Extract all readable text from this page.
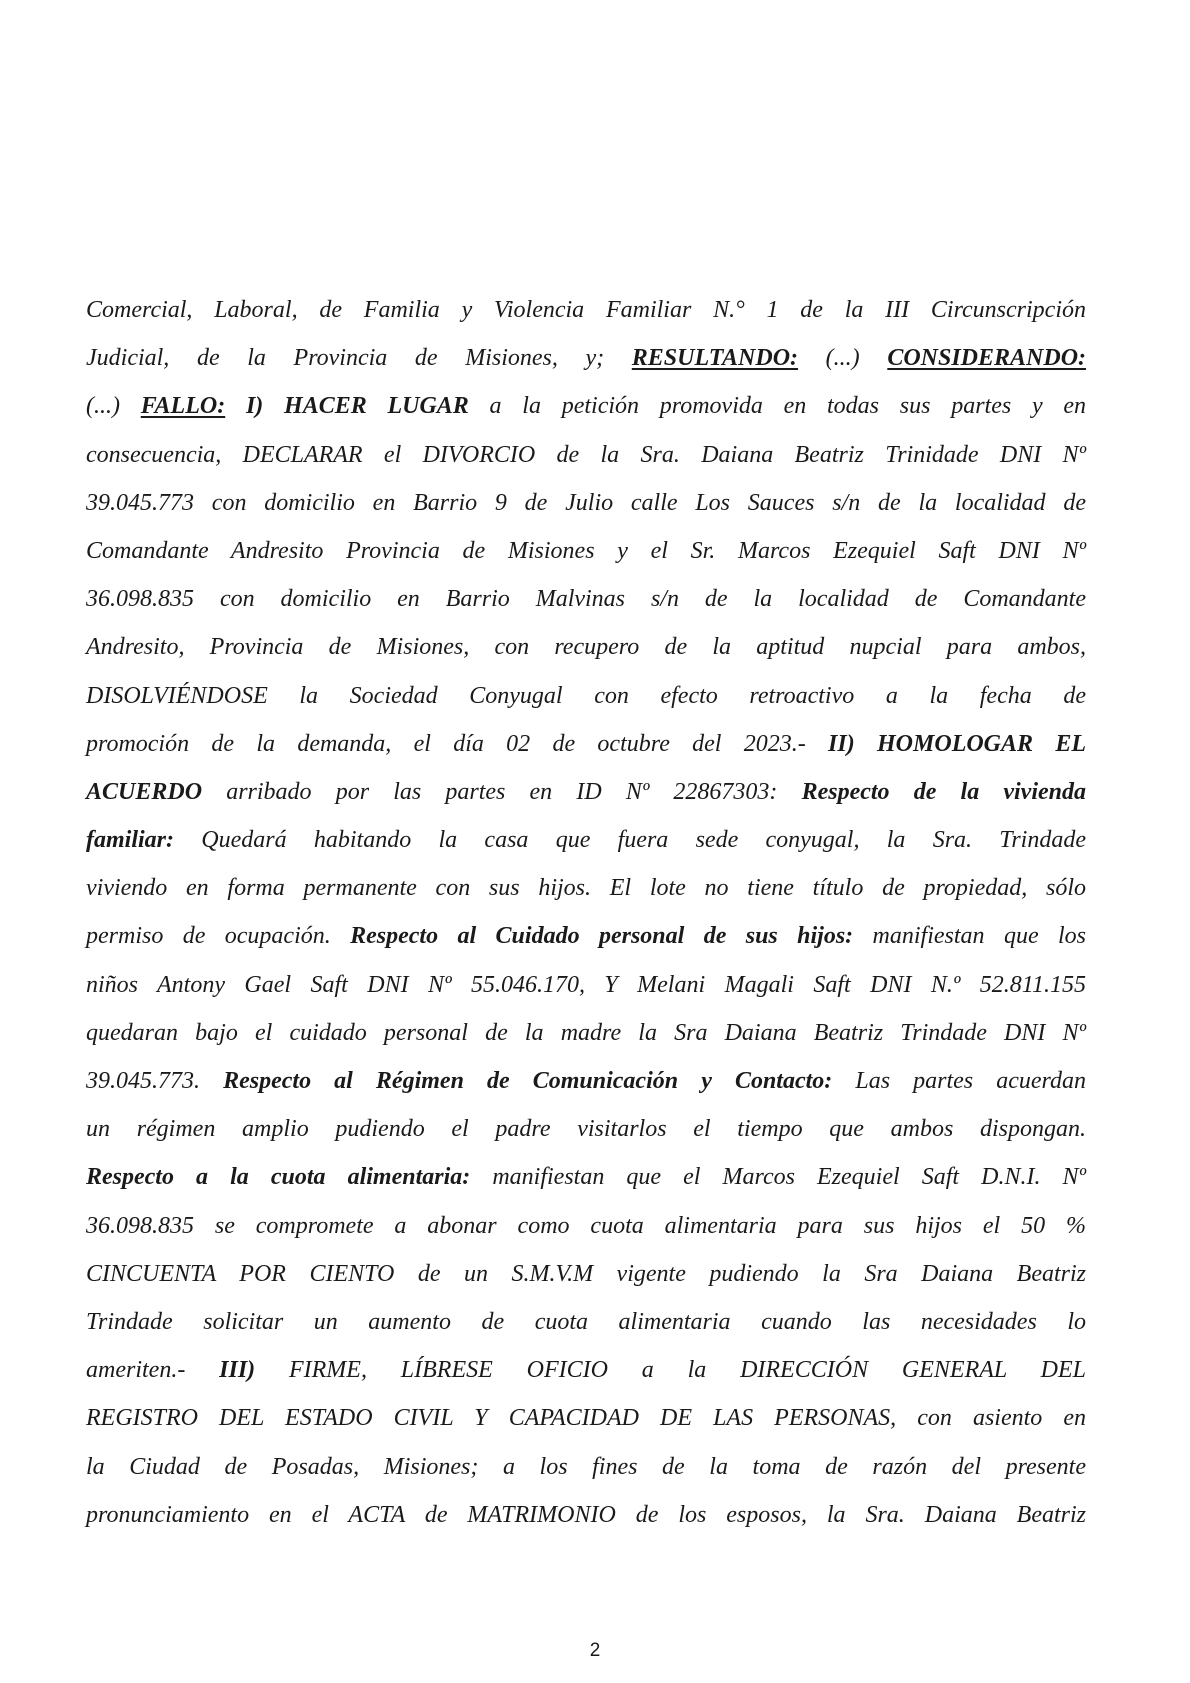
Comercial, Laboral, de Familia y Violencia Familiar N.° 1 de la III Circunscripción
Judicial, de la Provincia de Misiones, y; RESULTANDO: (...) CONSIDERANDO:
(...) FALLO: I) HACER LUGAR a la petición promovida en todas sus partes y en
consecuencia, DECLARAR el DIVORCIO de la Sra. Daiana Beatriz Trinidade DNI Nº
39.045.773 con domicilio en Barrio 9 de Julio calle Los Sauces s/n de la localidad de
Comandante Andresito Provincia de Misiones y el Sr. Marcos Ezequiel Saft DNI Nº
36.098.835 con domicilio en Barrio Malvinas s/n de la localidad de Comandante
Andresito, Provincia de Misiones, con recupero de la aptitud nupcial para ambos,
DISOLVIÉNDOSE la Sociedad Conyugal con efecto retroactivo a la fecha de
promoción de la demanda, el día 02 de octubre del 2023.- II) HOMOLOGAR EL
ACUERDO arribado por las partes en ID Nº 22867303: Respecto de la vivienda
familiar: Quedará habitando la casa que fuera sede conyugal, la Sra. Trindade
viviendo en forma permanente con sus hijos. El lote no tiene título de propiedad, sólo
permiso de ocupación. Respecto al Cuidado personal de sus hijos: manifiestan que los
niños Antony Gael Saft DNI Nº 55.046.170, Y Melani Magali Saft DNI N.º 52.811.155
quedaran bajo el cuidado personal de la madre la Sra Daiana Beatriz Trindade DNI Nº
39.045.773. Respecto al Régimen de Comunicación y Contacto: Las partes acuerdan
un régimen amplio pudiendo el padre visitarlos el tiempo que ambos dispongan.
Respecto a la cuota alimentaria: manifiestan que el Marcos Ezequiel Saft D.N.I. Nº
36.098.835 se compromete a abonar como cuota alimentaria para sus hijos el 50 %
CINCUENTA POR CIENTO de un S.M.V.M vigente pudiendo la Sra Daiana Beatriz
Trindade solicitar un aumento de cuota alimentaria cuando las necesidades lo
ameriten.- III) FIRME, LÍBRESE OFICIO a la DIRECCIÓN GENERAL DEL
REGISTRO DEL ESTADO CIVIL Y CAPACIDAD DE LAS PERSONAS, con asiento en
la Ciudad de Posadas, Misiones; a los fines de la toma de razón del presente
pronunciamiento en el ACTA de MATRIMONIO de los esposos, la Sra. Daiana Beatriz
2
